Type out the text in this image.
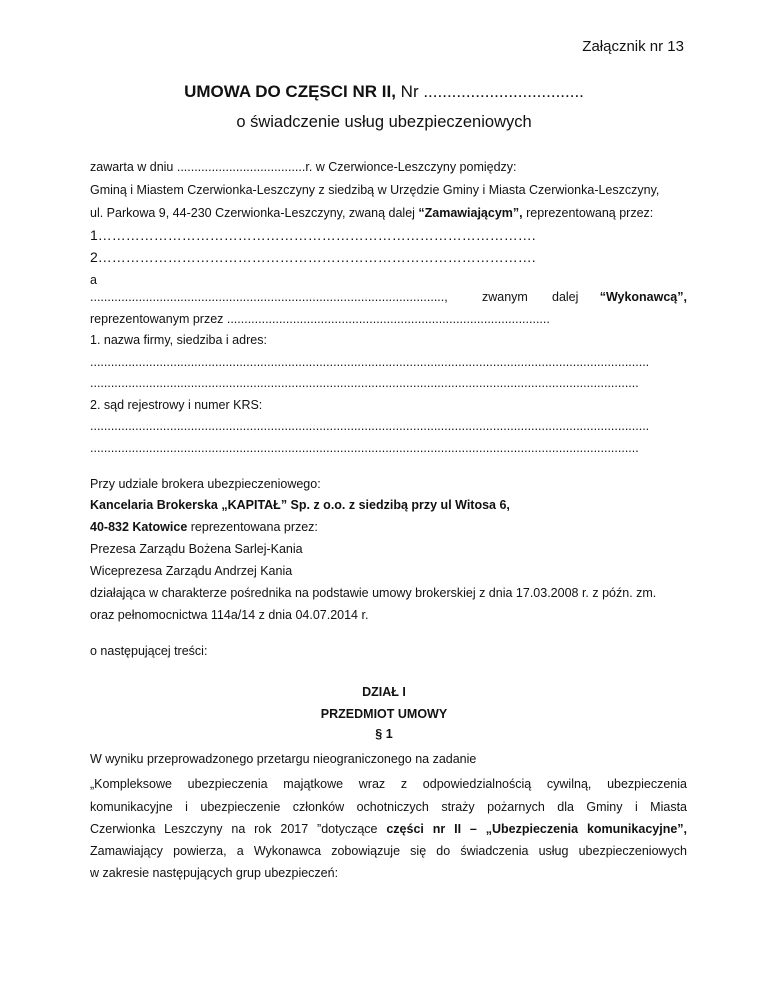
Załącznik nr 13
UMOWA DO CZĘSCI NR II, Nr ..................................
o świadczenie usług ubezpieczeniowych
zawarta w dniu .....................................r. w Czerwionce-Leszczyny pomiędzy:
Gminą i Miastem Czerwionka-Leszczyny z siedzibą w Urzędzie Gminy i Miasta Czerwionka-Leszczyny,
ul. Parkowa 9, 44-230 Czerwionka-Leszczyny, zwaną dalej “Zamawiającym”, reprezentowaną przez:
1………………………………………………………………………………….
2………………………………………………………………………………….
a
......................................................................................................,	zwanym dalej “Wykonawcą”,
reprezentowanym przez .............................................................................................
1. nazwa firmy, siedziba i adres:
.................................................................................................................................................................
..............................................................................................................................................................
2. sąd rejestrowy i numer KRS:
.................................................................................................................................................................
..............................................................................................................................................................
Przy udziale brokera ubezpieczeniowego:
Kancelaria Brokerska „KAPITAŁ” Sp. z o.o. z siedzibą przy ul Witosa 6,
40-832 Katowice reprezentowana przez:
Prezesa Zarządu Bożena Sarlej-Kania
Wiceprezesa Zarządu Andrzej Kania
działająca w charakterze pośrednika na podstawie umowy brokerskiej z dnia 17.03.2008 r. z późn. zm.
oraz pełnomocnictwa 114a/14 z dnia 04.07.2014 r.
o następującej treści:
DZIAŁ I
PRZEDMIOT UMOWY
§ 1
W wyniku przeprowadzonego przetargu nieograniczonego na zadanie
„Kompleksowe ubezpieczenia majątkowe wraz z odpowiedzialnością cywilną, ubezpieczenia
komunikacyjne i ubezpieczenie członków ochotniczych straży pożarnych dla Gminy i Miasta
Czerwionka Leszczyny na rok 2017 ”dotyczące części nr II – „Ubezpieczenia komunikacyjne”,
Zamawiający powierza, a Wykonawca zobowiązuje się do świadczenia usług ubezpieczeniowych
w zakresie następujących grup ubezpieczeń:
